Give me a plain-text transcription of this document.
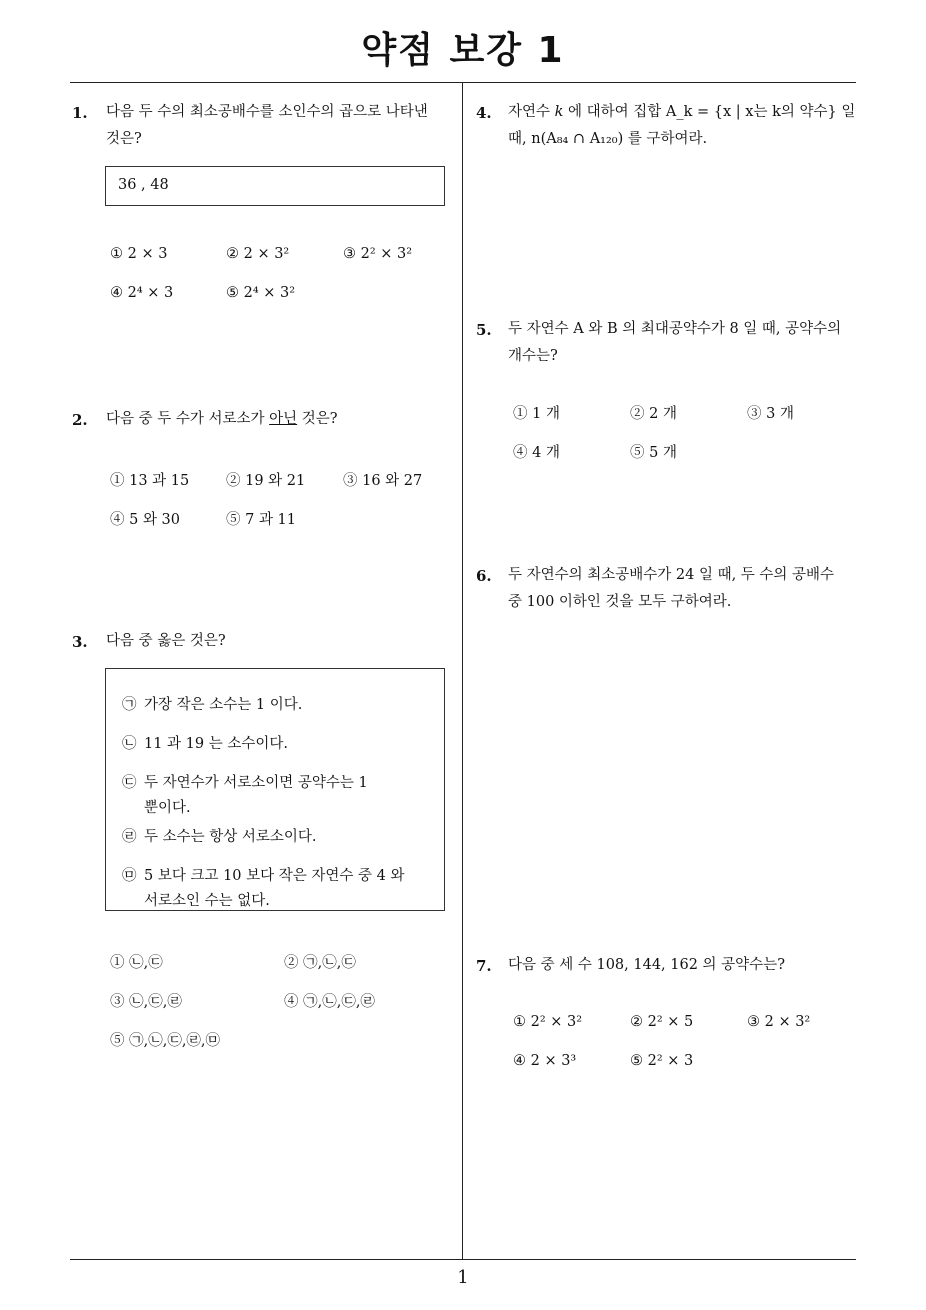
약점 보강 1
1.	다음 두 수의 최소공배수를 소인수의 곱으로 나타낸
것은?
36 , 48
① 2 × 3	② 2 × 3²	③ 2² × 3²
④ 2⁴ × 3	⑤ 2⁴ × 3²
2.	다음 중 두 수가 서로소가 아닌 것은?
① 13 과 15	② 19 와 21	③ 16 와 27
④ 5 와 30	⑤ 7 과 11
3.	다음 중 옳은 것은?
㉠ 가장 작은 소수는 1 이다.
㉡ 11 과 19 는 소수이다.
㉢ 두 자연수가 서로소이면 공약수는 1
뿐이다.
㉣ 두 소수는 항상 서로소이다.
㉤ 5 보다 크고 10 보다 작은 자연수 중 4 와
서로소인 수는 없다.
① ㉡,㉢	② ㉠,㉡,㉢
③ ㉡,㉢,㉣	④ ㉠,㉡,㉢,㉣
⑤ ㉠,㉡,㉢,㉣,㉤
4.	자연수 k 에 대하여 집합 A_k = {x | x는 k의 약수} 일
때, n(A₈₄ ∩ A₁₂₀) 를 구하여라.
5.	두 자연수 A 와 B 의 최대공약수가 8 일 때, 공약수의
개수는?
① 1 개	② 2 개	③ 3 개
④ 4 개	⑤ 5 개
6.	두 자연수의 최소공배수가 24 일 때, 두 수의 공배수
중 100 이하인 것을 모두 구하여라.
7.	다음 중 세 수 108, 144, 162 의 공약수는?
① 2² × 3²	② 2² × 5	③ 2 × 3²
④ 2 × 3³	⑤ 2² × 3
1
